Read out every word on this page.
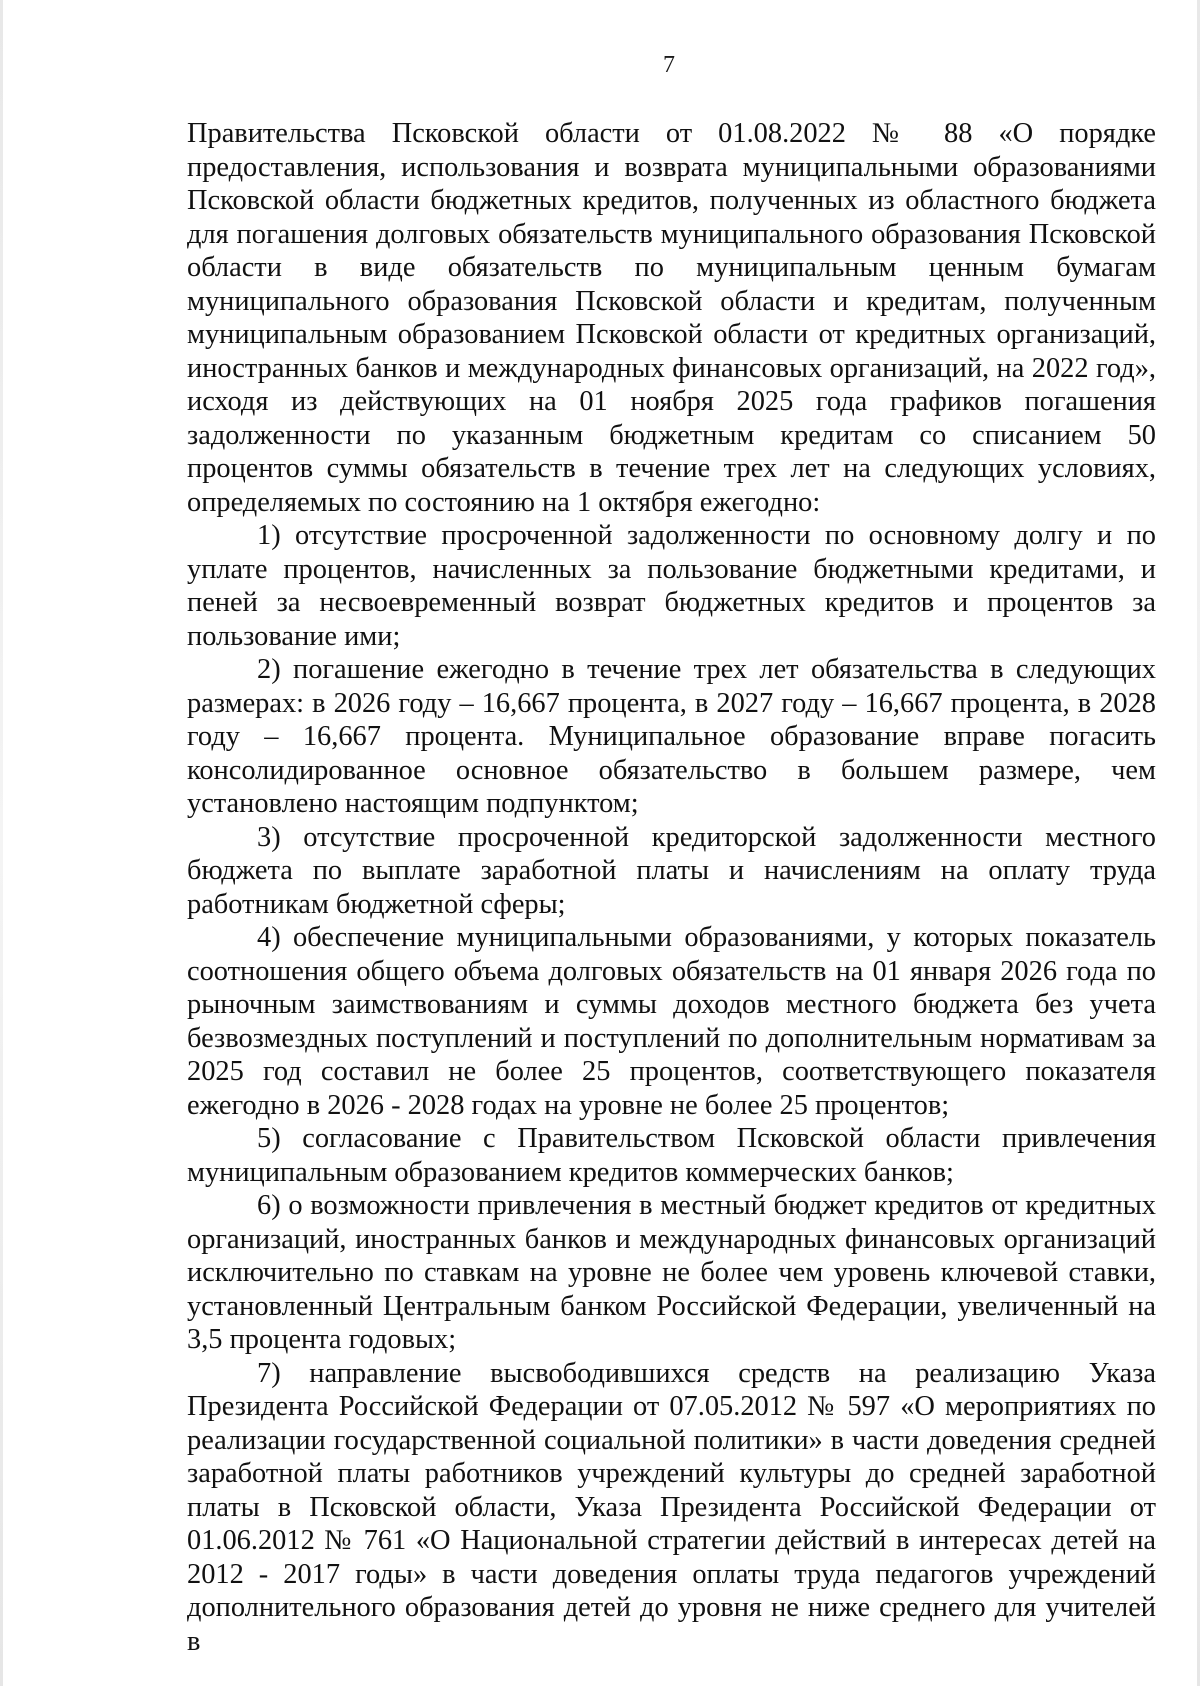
7

Правительства Псковской области от 01.08.2022 № 88 «О порядке предоставления, использования и возврата муниципальными образованиями Псковской области бюджетных кредитов, полученных из областного бюджета для погашения долговых обязательств муниципального образования Псковской области в виде обязательств по муниципальным ценным бумагам муниципального образования Псковской области и кредитам, полученным муниципальным образованием Псковской области от кредитных организаций, иностранных банков и международных финансовых организаций, на 2022 год», исходя из действующих на 01 ноября 2025 года графиков погашения задолженности по указанным бюджетным кредитам со списанием 50 процентов суммы обязательств в течение трех лет на следующих условиях, определяемых по состоянию на 1 октября ежегодно:

1) отсутствие просроченной задолженности по основному долгу и по уплате процентов, начисленных за пользование бюджетными кредитами, и пеней за несвоевременный возврат бюджетных кредитов и процентов за пользование ими;

2) погашение ежегодно в течение трех лет обязательства в следующих размерах: в 2026 году – 16,667 процента, в 2027 году – 16,667 процента, в 2028 году – 16,667 процента. Муниципальное образование вправе погасить консолидированное основное обязательство в большем размере, чем установлено настоящим подпунктом;

3) отсутствие просроченной кредиторской задолженности местного бюджета по выплате заработной платы и начислениям на оплату труда работникам бюджетной сферы;

4) обеспечение муниципальными образованиями, у которых показатель соотношения общего объема долговых обязательств на 01 января 2026 года по рыночным заимствованиям и суммы доходов местного бюджета без учета безвозмездных поступлений и поступлений по дополнительным нормативам за 2025 год составил не более 25 процентов, соответствующего показателя ежегодно в 2026 - 2028 годах на уровне не более 25 процентов;

5) согласование с Правительством Псковской области привлечения муниципальным образованием кредитов коммерческих банков;

6) о возможности привлечения в местный бюджет кредитов от кредитных организаций, иностранных банков и международных финансовых организаций исключительно по ставкам на уровне не более чем уровень ключевой ставки, установленный Центральным банком Российской Федерации, увеличенный на 3,5 процента годовых;

7) направление высвободившихся средств на реализацию Указа Президента Российской Федерации от 07.05.2012 № 597 «О мероприятиях по реализации государственной социальной политики» в части доведения средней заработной платы работников учреждений культуры до средней заработной платы в Псковской области, Указа Президента Российской Федерации от 01.06.2012 № 761 «О Национальной стратегии действий в интересах детей на 2012 - 2017 годы» в части доведения оплаты труда педагогов учреждений дополнительного образования детей до уровня не ниже среднего для учителей в
